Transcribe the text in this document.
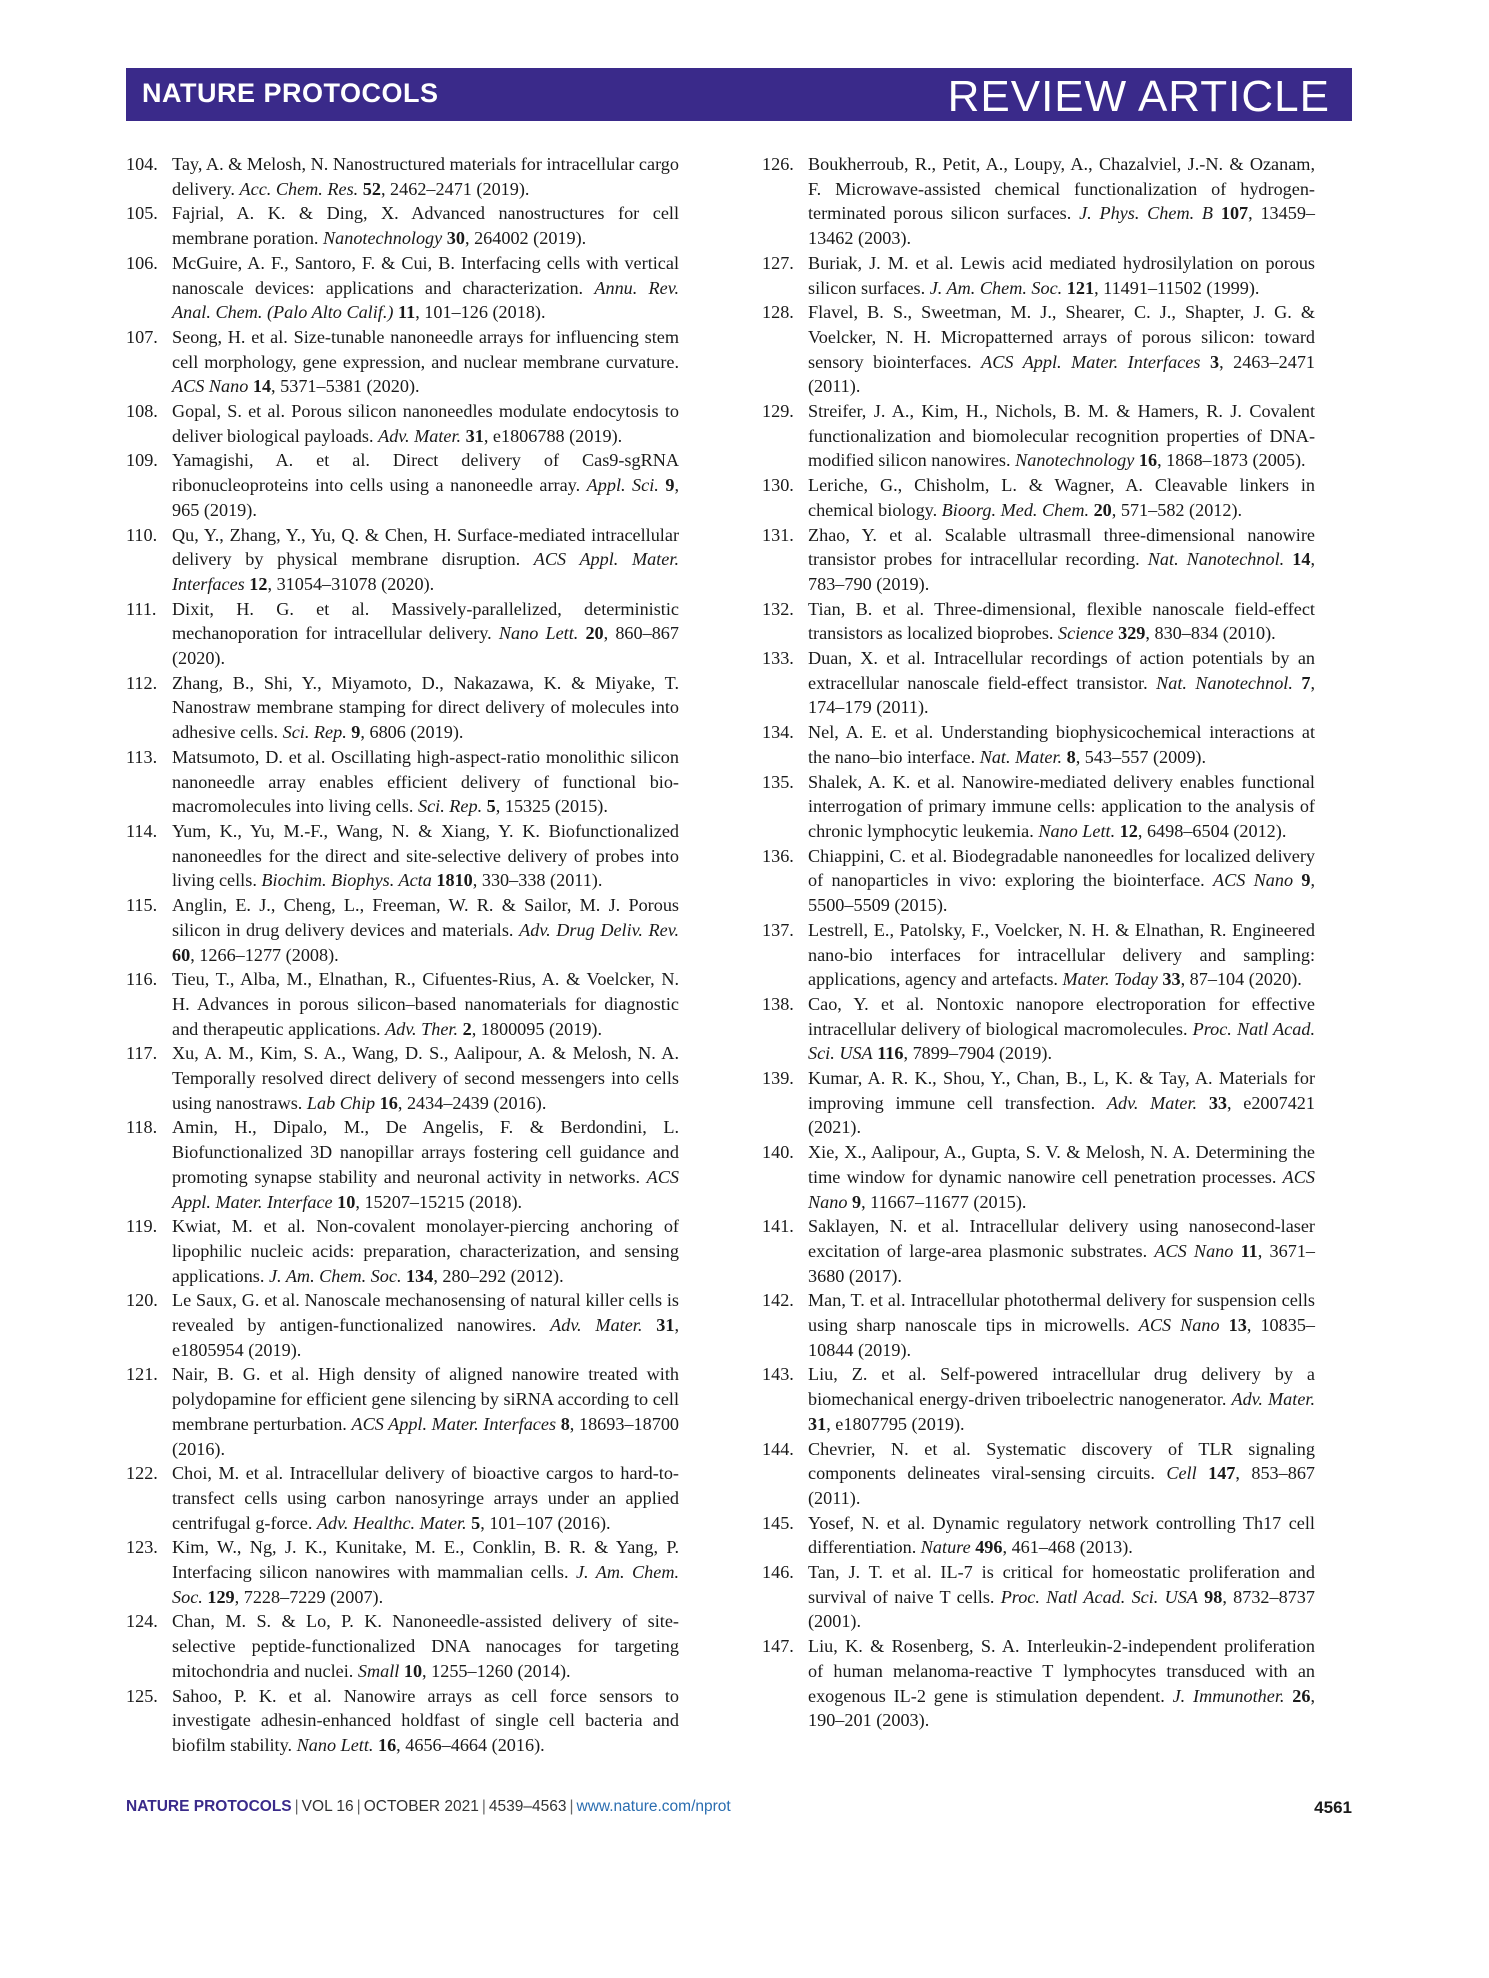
NATURE PROTOCOLS	REVIEW ARTICLE
104. Tay, A. & Melosh, N. Nanostructured materials for intracellular cargo delivery. Acc. Chem. Res. 52, 2462–2471 (2019).
105. Fajrial, A. K. & Ding, X. Advanced nanostructures for cell membrane poration. Nanotechnology 30, 264002 (2019).
106. McGuire, A. F., Santoro, F. & Cui, B. Interfacing cells with vertical nanoscale devices: applications and characterization. Annu. Rev. Anal. Chem. (Palo Alto Calif.) 11, 101–126 (2018).
107. Seong, H. et al. Size-tunable nanoneedle arrays for influencing stem cell morphology, gene expression, and nuclear membrane curvature. ACS Nano 14, 5371–5381 (2020).
108. Gopal, S. et al. Porous silicon nanoneedles modulate endocytosis to deliver biological payloads. Adv. Mater. 31, e1806788 (2019).
109. Yamagishi, A. et al. Direct delivery of Cas9-sgRNA ribonucleoproteins into cells using a nanoneedle array. Appl. Sci. 9, 965 (2019).
110. Qu, Y., Zhang, Y., Yu, Q. & Chen, H. Surface-mediated intracellular delivery by physical membrane disruption. ACS Appl. Mater. Interfaces 12, 31054–31078 (2020).
111. Dixit, H. G. et al. Massively-parallelized, deterministic mechanoporation for intracellular delivery. Nano Lett. 20, 860–867 (2020).
112. Zhang, B., Shi, Y., Miyamoto, D., Nakazawa, K. & Miyake, T. Nanostraw membrane stamping for direct delivery of molecules into adhesive cells. Sci. Rep. 9, 6806 (2019).
113. Matsumoto, D. et al. Oscillating high-aspect-ratio monolithic silicon nanoneedle array enables efficient delivery of functional bio-macromolecules into living cells. Sci. Rep. 5, 15325 (2015).
114. Yum, K., Yu, M.-F., Wang, N. & Xiang, Y. K. Biofunctionalized nanoneedles for the direct and site-selective delivery of probes into living cells. Biochim. Biophys. Acta 1810, 330–338 (2011).
115. Anglin, E. J., Cheng, L., Freeman, W. R. & Sailor, M. J. Porous silicon in drug delivery devices and materials. Adv. Drug Deliv. Rev. 60, 1266–1277 (2008).
116. Tieu, T., Alba, M., Elnathan, R., Cifuentes-Rius, A. & Voelcker, N. H. Advances in porous silicon–based nanomaterials for diagnostic and therapeutic applications. Adv. Ther. 2, 1800095 (2019).
117. Xu, A. M., Kim, S. A., Wang, D. S., Aalipour, A. & Melosh, N. A. Temporally resolved direct delivery of second messengers into cells using nanostraws. Lab Chip 16, 2434–2439 (2016).
118. Amin, H., Dipalo, M., De Angelis, F. & Berdondini, L. Biofunctionalized 3D nanopillar arrays fostering cell guidance and promoting synapse stability and neuronal activity in networks. ACS Appl. Mater. Interface 10, 15207–15215 (2018).
119. Kwiat, M. et al. Non-covalent monolayer-piercing anchoring of lipophilic nucleic acids: preparation, characterization, and sensing applications. J. Am. Chem. Soc. 134, 280–292 (2012).
120. Le Saux, G. et al. Nanoscale mechanosensing of natural killer cells is revealed by antigen-functionalized nanowires. Adv. Mater. 31, e1805954 (2019).
121. Nair, B. G. et al. High density of aligned nanowire treated with polydopamine for efficient gene silencing by siRNA according to cell membrane perturbation. ACS Appl. Mater. Interfaces 8, 18693–18700 (2016).
122. Choi, M. et al. Intracellular delivery of bioactive cargos to hard-to-transfect cells using carbon nanosyringe arrays under an applied centrifugal g-force. Adv. Healthc. Mater. 5, 101–107 (2016).
123. Kim, W., Ng, J. K., Kunitake, M. E., Conklin, B. R. & Yang, P. Interfacing silicon nanowires with mammalian cells. J. Am. Chem. Soc. 129, 7228–7229 (2007).
124. Chan, M. S. & Lo, P. K. Nanoneedle-assisted delivery of site-selective peptide-functionalized DNA nanocages for targeting mitochondria and nuclei. Small 10, 1255–1260 (2014).
125. Sahoo, P. K. et al. Nanowire arrays as cell force sensors to investigate adhesin-enhanced holdfast of single cell bacteria and biofilm stability. Nano Lett. 16, 4656–4664 (2016).
126. Boukherroub, R., Petit, A., Loupy, A., Chazalviel, J.-N. & Ozanam, F. Microwave-assisted chemical functionalization of hydrogen-terminated porous silicon surfaces. J. Phys. Chem. B 107, 13459–13462 (2003).
127. Buriak, J. M. et al. Lewis acid mediated hydrosilylation on porous silicon surfaces. J. Am. Chem. Soc. 121, 11491–11502 (1999).
128. Flavel, B. S., Sweetman, M. J., Shearer, C. J., Shapter, J. G. & Voelcker, N. H. Micropatterned arrays of porous silicon: toward sensory biointerfaces. ACS Appl. Mater. Interfaces 3, 2463–2471 (2011).
129. Streifer, J. A., Kim, H., Nichols, B. M. & Hamers, R. J. Covalent functionalization and biomolecular recognition properties of DNA-modified silicon nanowires. Nanotechnology 16, 1868–1873 (2005).
130. Leriche, G., Chisholm, L. & Wagner, A. Cleavable linkers in chemical biology. Bioorg. Med. Chem. 20, 571–582 (2012).
131. Zhao, Y. et al. Scalable ultrasmall three-dimensional nanowire transistor probes for intracellular recording. Nat. Nanotechnol. 14, 783–790 (2019).
132. Tian, B. et al. Three-dimensional, flexible nanoscale field-effect transistors as localized bioprobes. Science 329, 830–834 (2010).
133. Duan, X. et al. Intracellular recordings of action potentials by an extracellular nanoscale field-effect transistor. Nat. Nanotechnol. 7, 174–179 (2011).
134. Nel, A. E. et al. Understanding biophysicochemical interactions at the nano–bio interface. Nat. Mater. 8, 543–557 (2009).
135. Shalek, A. K. et al. Nanowire-mediated delivery enables functional interrogation of primary immune cells: application to the analysis of chronic lymphocytic leukemia. Nano Lett. 12, 6498–6504 (2012).
136. Chiappini, C. et al. Biodegradable nanoneedles for localized delivery of nanoparticles in vivo: exploring the biointerface. ACS Nano 9, 5500–5509 (2015).
137. Lestrell, E., Patolsky, F., Voelcker, N. H. & Elnathan, R. Engineered nano-bio interfaces for intracellular delivery and sampling: applications, agency and artefacts. Mater. Today 33, 87–104 (2020).
138. Cao, Y. et al. Nontoxic nanopore electroporation for effective intracellular delivery of biological macromolecules. Proc. Natl Acad. Sci. USA 116, 7899–7904 (2019).
139. Kumar, A. R. K., Shou, Y., Chan, B., L, K. & Tay, A. Materials for improving immune cell transfection. Adv. Mater. 33, e2007421 (2021).
140. Xie, X., Aalipour, A., Gupta, S. V. & Melosh, N. A. Determining the time window for dynamic nanowire cell penetration processes. ACS Nano 9, 11667–11677 (2015).
141. Saklayen, N. et al. Intracellular delivery using nanosecond-laser excitation of large-area plasmonic substrates. ACS Nano 11, 3671–3680 (2017).
142. Man, T. et al. Intracellular photothermal delivery for suspension cells using sharp nanoscale tips in microwells. ACS Nano 13, 10835–10844 (2019).
143. Liu, Z. et al. Self-powered intracellular drug delivery by a biomechanical energy-driven triboelectric nanogenerator. Adv. Mater. 31, e1807795 (2019).
144. Chevrier, N. et al. Systematic discovery of TLR signaling components delineates viral-sensing circuits. Cell 147, 853–867 (2011).
145. Yosef, N. et al. Dynamic regulatory network controlling Th17 cell differentiation. Nature 496, 461–468 (2013).
146. Tan, J. T. et al. IL-7 is critical for homeostatic proliferation and survival of naive T cells. Proc. Natl Acad. Sci. USA 98, 8732–8737 (2001).
147. Liu, K. & Rosenberg, S. A. Interleukin-2-independent proliferation of human melanoma-reactive T lymphocytes transduced with an exogenous IL-2 gene is stimulation dependent. J. Immunother. 26, 190–201 (2003).
NATURE PROTOCOLS | VOL 16 | OCTOBER 2021 | 4539–4563 | www.nature.com/nprot	4561
